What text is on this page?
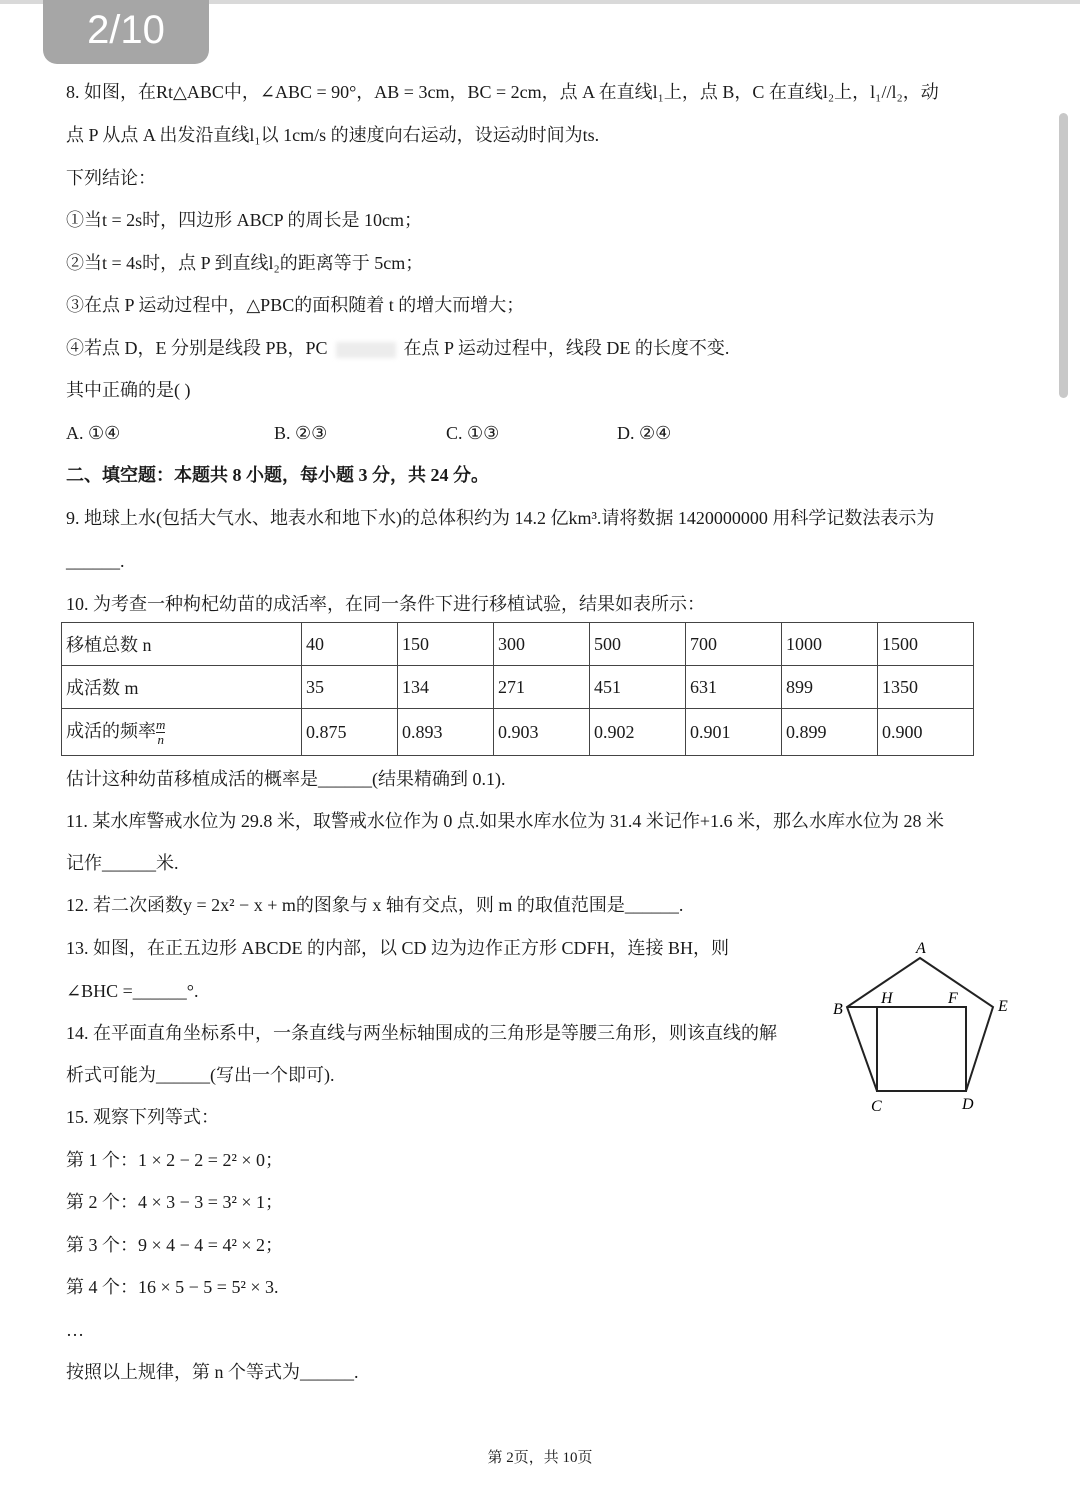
2/10
8. 如图，在Rt△ABC中，∠ABC = 90°，AB = 3cm，BC = 2cm，点 A 在直线l₁上，点 B，C 在直线l₂上，l₁//l₂，动
点 P 从点 A 出发沿直线l₁以 1cm/s 的速度向右运动，设运动时间为ts.
下列结论：
①当t = 2s时，四边形 ABCP 的周长是 10cm；
②当t = 4s时，点 P 到直线l₂的距离等于 5cm；
③在点 P 运动过程中，△PBC的面积随着 t 的增大而增大；
其中正确的是( )
二、填空题：本题共 8 小题，每小题 3 分，共 24 分。
9. 地球上水(包括大气水、地表水和地下水)的总体积约为 14.2 亿km³.请将数据 1420000000 用科学记数法表示为
______.
10. 为考查一种枸杞幼苗的成活率，在同一条件下进行移植试验，结果如表所示：
估计这种幼苗移植成活的概率是______(结果精确到 0.1).
11. 某水库警戒水位为 29.8 米，取警戒水位作为 0 点.如果水库水位为 31.4 米记作+1.6 米，那么水库水位为 28 米
记作______米.
12. 若二次函数y = 2x² − x + m的图象与 x 轴有交点，则 m 的取值范围是______.
13. 如图，在正五边形 ABCDE 的内部，以 CD 边为边作正方形 CDFH，连接 BH，则
∠BHC =______°.
14. 在平面直角坐标系中，一条直线与两坐标轴围成的三角形是等腰三角形，则该直线的解
析式可能为______(写出一个即可).
15. 观察下列等式：
第 1 个：1 × 2 − 2 = 2² × 0；
第 2 个：4 × 3 − 3 = 3² × 1；
第 3 个：9 × 4 − 4 = 4² × 2；
第 4 个：16 × 5 − 5 = 5² × 3.
…
按照以上规律，第 n 个等式为______.
④若点 D，E 分别是线段 PB，PC	在点 P 运动过程中，线段 DE 的长度不变.
A. ①④	B. ②③	C. ①③	D. ②④
移植总数 n	40	150	300	500	700	1000	1500
成活数 m	35	134	271	451	631	899	1350
成活的频率 $\frac{m}{n}$	0.875	0.893	0.903	0.902	0.901	0.899	0.900
A
B
H	F	E
C	D
第 2页，共 10页
